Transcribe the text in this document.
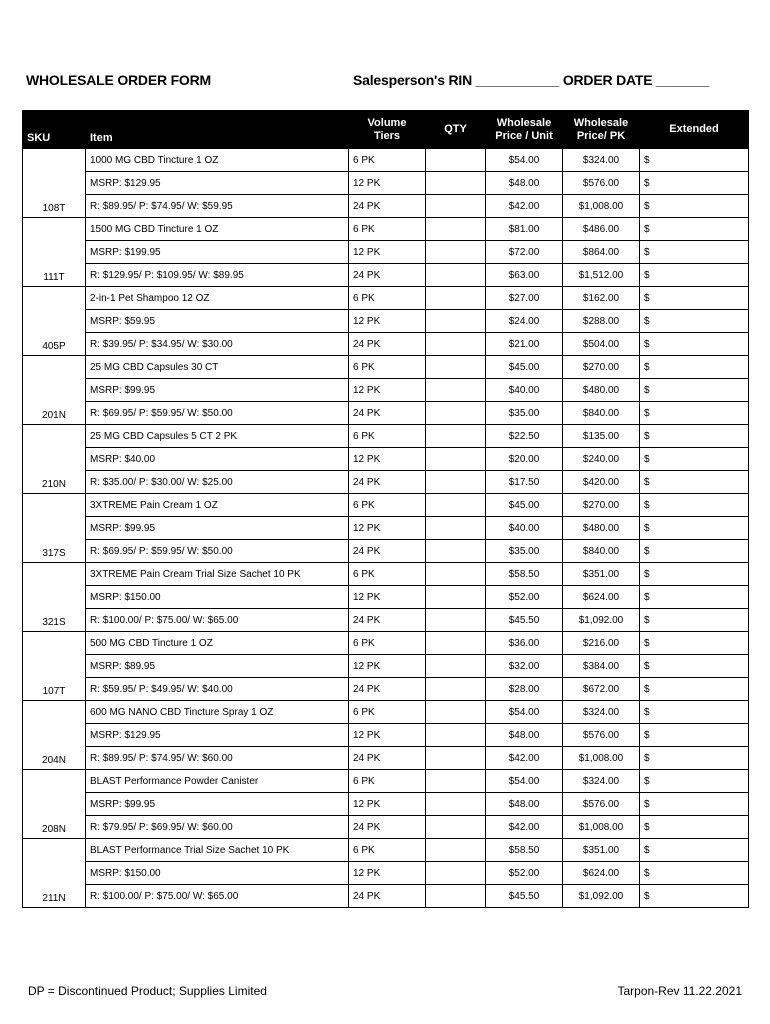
WHOLESALE ORDER FORM	Salesperson's RIN ___________ ORDER DATE _______
SKU	Item	Volume Tiers	QTY	Wholesale Price / Unit	Wholesale Price/ PK	Extended
108T	1000 MG CBD Tincture 1 OZ	6 PK		$54.00	$324.00	$
	MSRP: $129.95	12 PK		$48.00	$576.00	$
	R: $89.95/ P: $74.95/ W: $59.95	24 PK		$42.00	$1,008.00	$
111T	1500 MG CBD Tincture 1 OZ	6 PK		$81.00	$486.00	$
	MSRP: $199.95	12 PK		$72.00	$864.00	$
	R: $129.95/ P: $109.95/ W: $89.95	24 PK		$63.00	$1,512.00	$
405P	2-in-1 Pet Shampoo 12 OZ	6 PK		$27.00	$162.00	$
	MSRP: $59.95	12 PK		$24.00	$288.00	$
	R: $39.95/ P: $34.95/ W: $30.00	24 PK		$21.00	$504.00	$
201N	25 MG CBD Capsules 30 CT	6 PK		$45.00	$270.00	$
	MSRP: $99.95	12 PK		$40.00	$480.00	$
	R: $69.95/ P: $59.95/ W: $50.00	24 PK		$35.00	$840.00	$
210N	25 MG CBD Capsules 5 CT 2 PK	6 PK		$22.50	$135.00	$
	MSRP: $40.00	12 PK		$20.00	$240.00	$
	R: $35.00/ P: $30.00/ W: $25.00	24 PK		$17.50	$420.00	$
317S	3XTREME Pain Cream 1 OZ	6 PK		$45.00	$270.00	$
	MSRP: $99.95	12 PK		$40.00	$480.00	$
	R: $69.95/ P: $59.95/ W: $50.00	24 PK		$35.00	$840.00	$
321S	3XTREME Pain Cream Trial Size Sachet 10 PK	6 PK		$58.50	$351.00	$
	MSRP: $150.00	12 PK		$52.00	$624.00	$
	R: $100.00/ P: $75.00/ W: $65.00	24 PK		$45.50	$1,092.00	$
107T	500 MG CBD Tincture 1 OZ	6 PK		$36.00	$216.00	$
	MSRP: $89.95	12 PK		$32.00	$384.00	$
	R: $59.95/ P: $49.95/ W: $40.00	24 PK		$28.00	$672.00	$
204N	600 MG NANO CBD Tincture Spray 1 OZ	6 PK		$54.00	$324.00	$
	MSRP: $129.95	12 PK		$48.00	$576.00	$
	R: $89.95/ P: $74.95/ W: $60.00	24 PK		$42.00	$1,008.00	$
208N	BLAST Performance Powder Canister	6 PK		$54.00	$324.00	$
	MSRP: $99.95	12 PK		$48.00	$576.00	$
	R: $79.95/ P: $69.95/ W: $60.00	24 PK		$42.00	$1,008.00	$
211N	BLAST Performance Trial Size Sachet 10 PK	6 PK		$58.50	$351.00	$
	MSRP: $150.00	12 PK		$52.00	$624.00	$
	R: $100.00/ P: $75.00/ W: $65.00	24 PK		$45.50	$1,092.00	$
DP = Discontinued Product; Supplies Limited	Tarpon-Rev 11.22.2021
